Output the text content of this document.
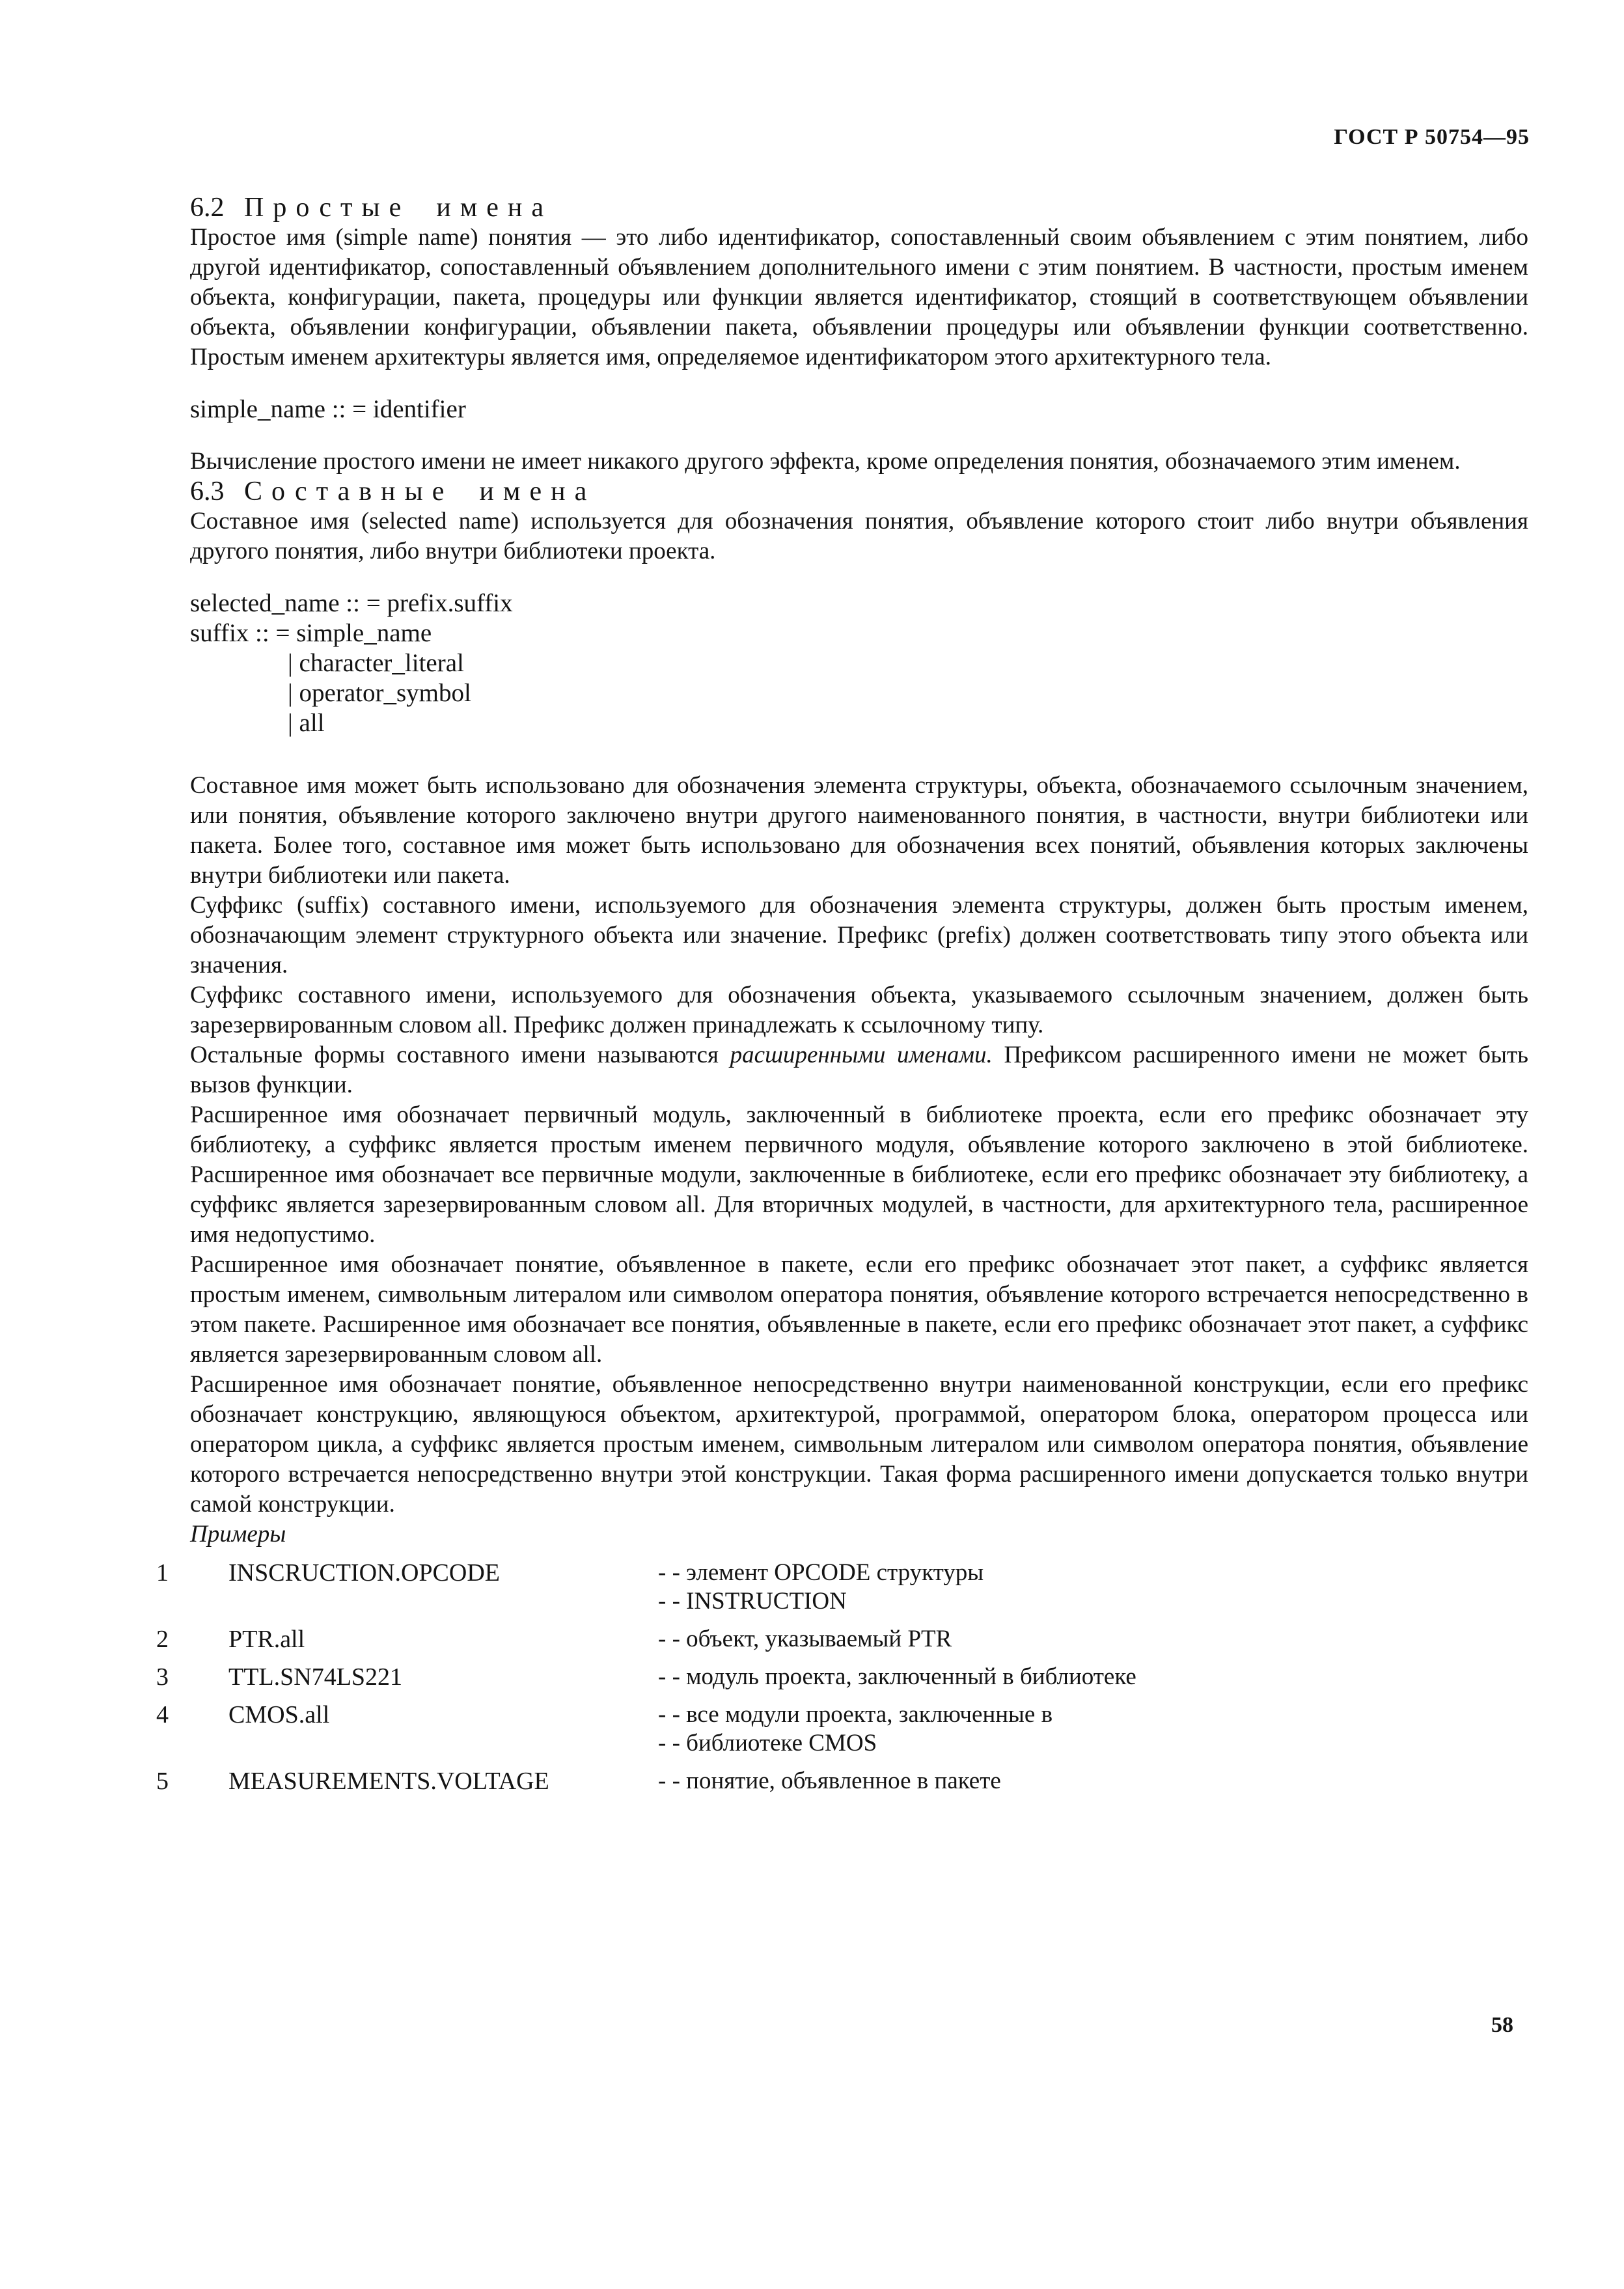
ГОСТ Р 50754—95
6.2 Простые имена

Простое имя (simple name) понятия — это либо идентификатор, сопоставленный своим объявлением с этим понятием, либо другой идентификатор, сопоставленный объявлением дополнительного имени с этим понятием. В частности, простым именем объекта, конфигурации, пакета, процедуры или функции является идентификатор, стоящий в соответствующем объявлении объекта, объявлении конфигурации, объявлении пакета, объявлении процедуры или объявлении функции соответственно. Простым именем архитектуры является имя, определяемое идентификатором этого архитектурного тела.

simple_name :: = identifier

Вычисление простого имени не имеет никакого другого эффекта, кроме определения понятия, обозначаемого этим именем.

6.3 Составные имена

Составное имя (selected name) используется для обозначения понятия, объявление которого стоит либо внутри объявления другого понятия, либо внутри библиотеки проекта.

selected_name :: = prefix.suffix
suffix :: = simple_name
| character_literal
| operator_symbol
| all

Составное имя может быть использовано для обозначения элемента структуры, объекта, обозначаемого ссылочным значением, или понятия, объявление которого заключено внутри другого наименованного понятия, в частности, внутри библиотеки или пакета. Более того, составное имя может быть использовано для обозначения всех понятий, объявления которых заключены внутри библиотеки или пакета.

Суффикс (suffix) составного имени, используемого для обозначения элемента структуры, должен быть простым именем, обозначающим элемент структурного объекта или значение. Префикс (prefix) должен соответствовать типу этого объекта или значения.

Суффикс составного имени, используемого для обозначения объекта, указываемого ссылочным значением, должен быть зарезервированным словом all. Префикс должен принадлежать к ссылочному типу.

Остальные формы составного имени называются расширенными именами. Префиксом расширенного имени не может быть вызов функции.

Расширенное имя обозначает первичный модуль, заключенный в библиотеке проекта, если его префикс обозначает эту библиотеку, а суффикс является простым именем первичного модуля, объявление которого заключено в этой библиотеке. Расширенное имя обозначает все первичные модули, заключенные в библиотеке, если его префикс обозначает эту библиотеку, а суффикс является зарезервированным словом all. Для вторичных модулей, в частности, для архитектурного тела, расширенное имя недопустимо.

Расширенное имя обозначает понятие, объявленное в пакете, если его префикс обозначает этот пакет, а суффикс является простым именем, символьным литералом или символом оператора понятия, объявление которого встречается непосредственно в этом пакете. Расширенное имя обозначает все понятия, объявленные в пакете, если его префикс обозначает этот пакет, а суффикс является зарезервированным словом all.

Расширенное имя обозначает понятие, объявленное непосредственно внутри наименованной конструкции, если его префикс обозначает конструкцию, являющуюся объектом, архитектурой, программой, оператором блока, оператором процесса или оператором цикла, а суффикс является простым именем, символьным литералом или символом оператора понятия, объявление которого встречается непосредственно внутри этой конструкции. Такая форма расширенного имени допускается только внутри самой конструкции.

Примеры
1	INSCRUCTION.OPCODE	- - элемент OPCODE структуры
- - INSTRUCTION

2	PTR.all	- - объект, указываемый PTR

3	TTL.SN74LS221	- - модуль проекта, заключенный в библиотеке

4	CMOS.all	- - все модули проекта, заключенные в
- - библиотеке CMOS

5	MEASUREMENTS.VOLTAGE	- - понятие, объявленное в пакете
58
